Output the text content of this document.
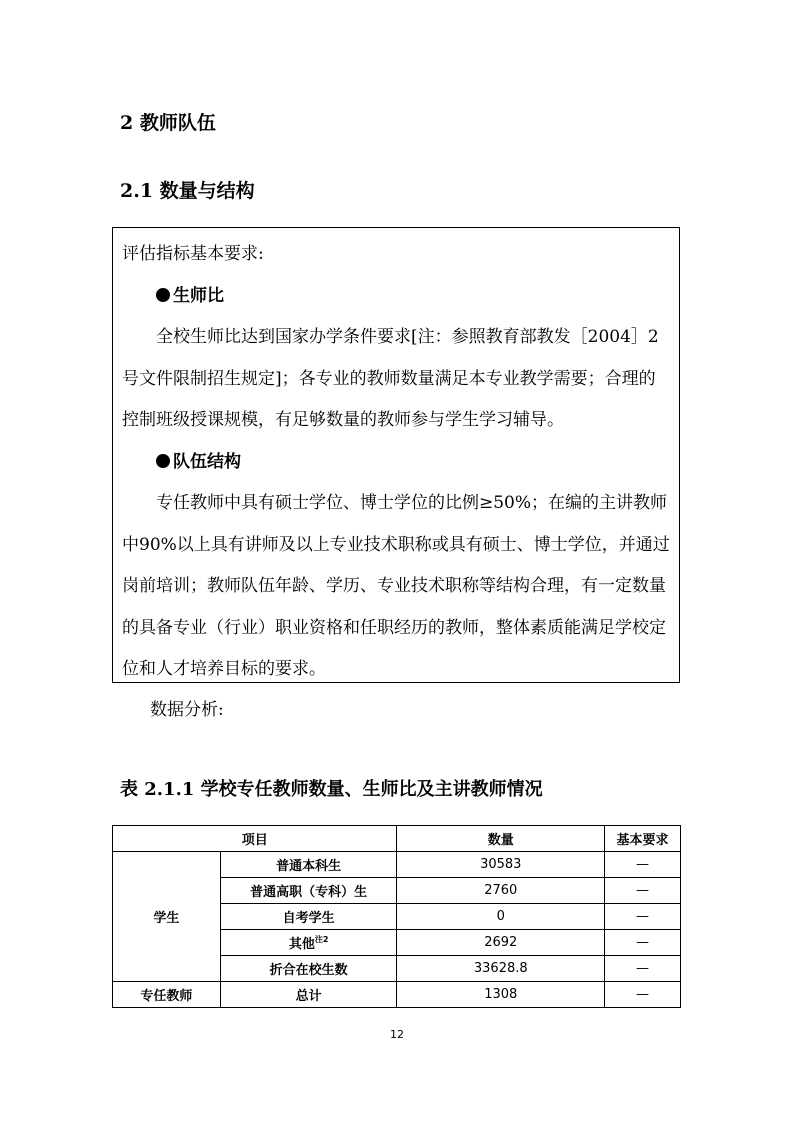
2 教师队伍
2.1 数量与结构

评估指标基本要求:

生师比

全校生师比达到国家办学条件要求[注：参照教育部教发［2004］2号文件限制招生规定]；各专业的教师数量满足本专业教学需要；合理的控制班级授课规模，有足够数量的教师参与学生学习辅导。

队伍结构

专任教师中具有硕士学位、博士学位的比例≥50%；在编的主讲教师中90%以上具有讲师及以上专业技术职称或具有硕士、博士学位，并通过岗前培训；教师队伍年龄、学历、专业技术职称等结构合理，有一定数量的具备专业（行业）职业资格和任职经历的教师，整体素质能满足学校定位和人才培养目标的要求。

数据分析:

表 2.1.1 学校专任教师数量、生师比及主讲教师情况

项目		数量	基本要求
学生	普通本科生	30583	—
	普通高职（专科）生	2760	—
	自考学生	0	—
	其他$^{注2}$	2692	—
	折合在校生数	33628.8	—
专任教师	总计	1308	—

12
